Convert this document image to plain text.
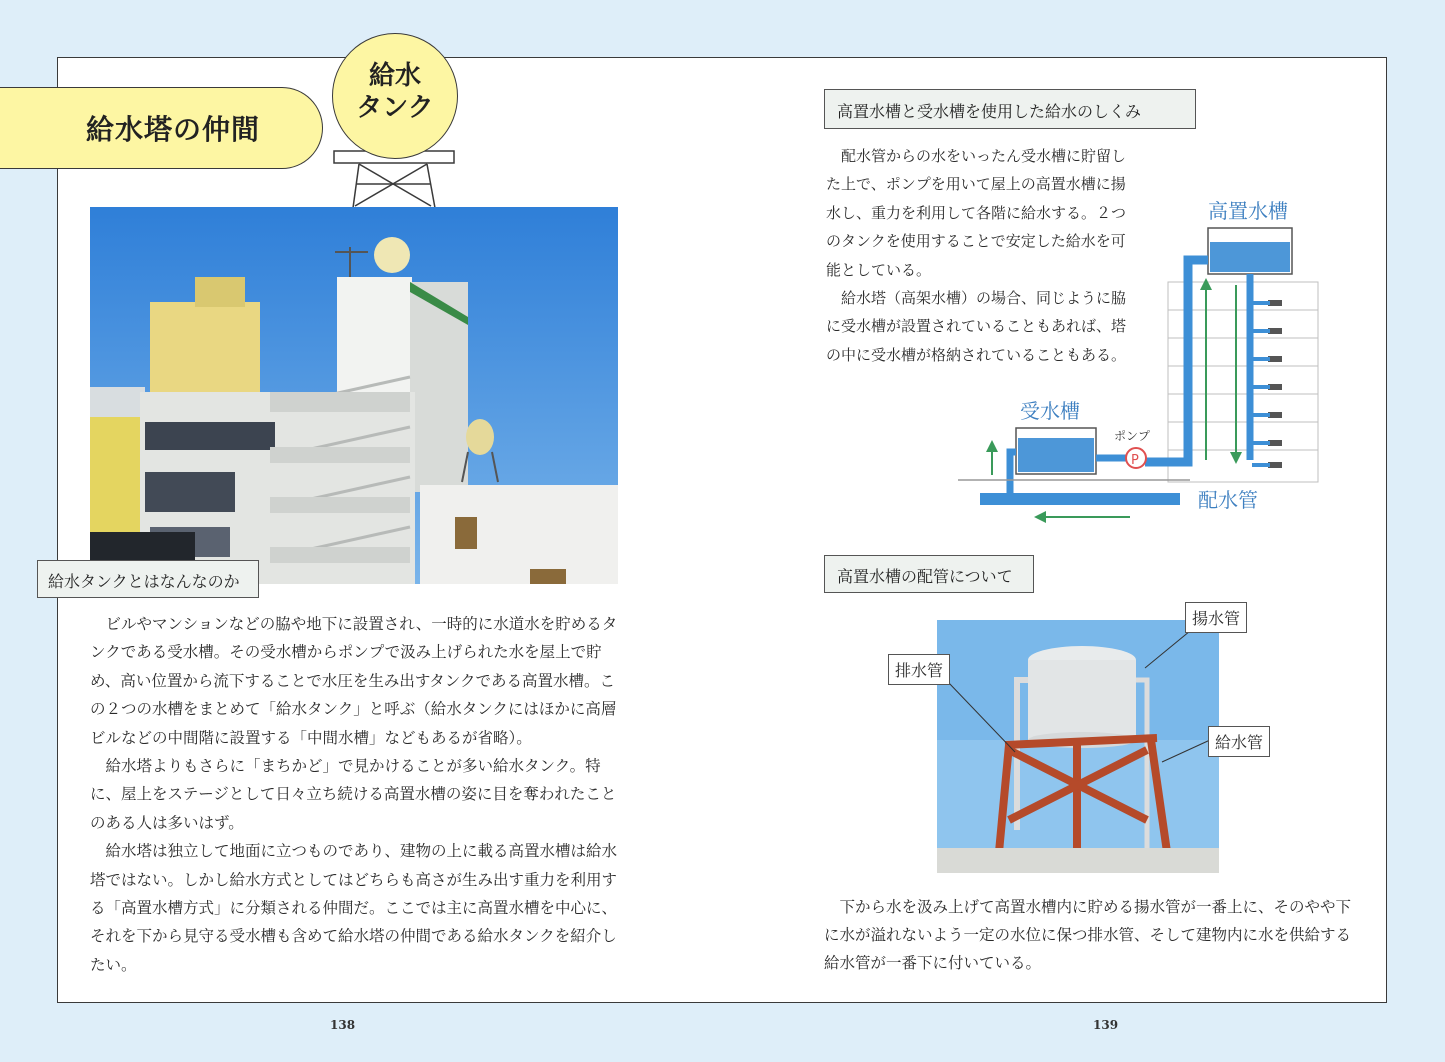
給水塔の仲間
給水
タンク
給水タンクとはなんなのか

ビルやマンションなどの脇や地下に設置され、一時的に水道水を貯めるタンクである受水槽。その受水槽からポンプで汲み上げられた水を屋上で貯め、高い位置から流下することで水圧を生み出すタンクである高置水槽。この２つの水槽をまとめて「給水タンク」と呼ぶ（給水タンクにはほかに高層ビルなどの中間階に設置する「中間水槽」などもあるが省略）。

給水塔よりもさらに「まちかど」で見かけることが多い給水タンク。特に、屋上をステージとして日々立ち続ける高置水槽の姿に目を奪われたことのある人は多いはず。

給水塔は独立して地面に立つものであり、建物の上に載る高置水槽は給水塔ではない。しかし給水方式としてはどちらも高さが生み出す重力を利用する「高置水槽方式」に分類される仲間だ。ここでは主に高置水槽を中心に、それを下から見守る受水槽も含めて給水塔の仲間である給水タンクを紹介したい。

高置水槽と受水槽を使用した給水のしくみ

配水管からの水をいったん受水槽に貯留した上で、ポンプを用いて屋上の高置水槽に揚水し、重力を利用して各階に給水する。２つのタンクを使用することで安定した給水を可能としている。

給水塔（高架水槽）の場合、同じように脇に受水槽が設置されていることもあれば、塔の中に受水槽が格納されていることもある。

高置水槽
受水槽
P
ポンプ
配水管
高置水槽の配管について
揚水管
排水管
給水管

下から水を汲み上げて高置水槽内に貯める揚水管が一番上に、そのやや下に水が溢れないよう一定の水位に保つ排水管、そして建物内に水を供給する給水管が一番下に付いている。

138	139
